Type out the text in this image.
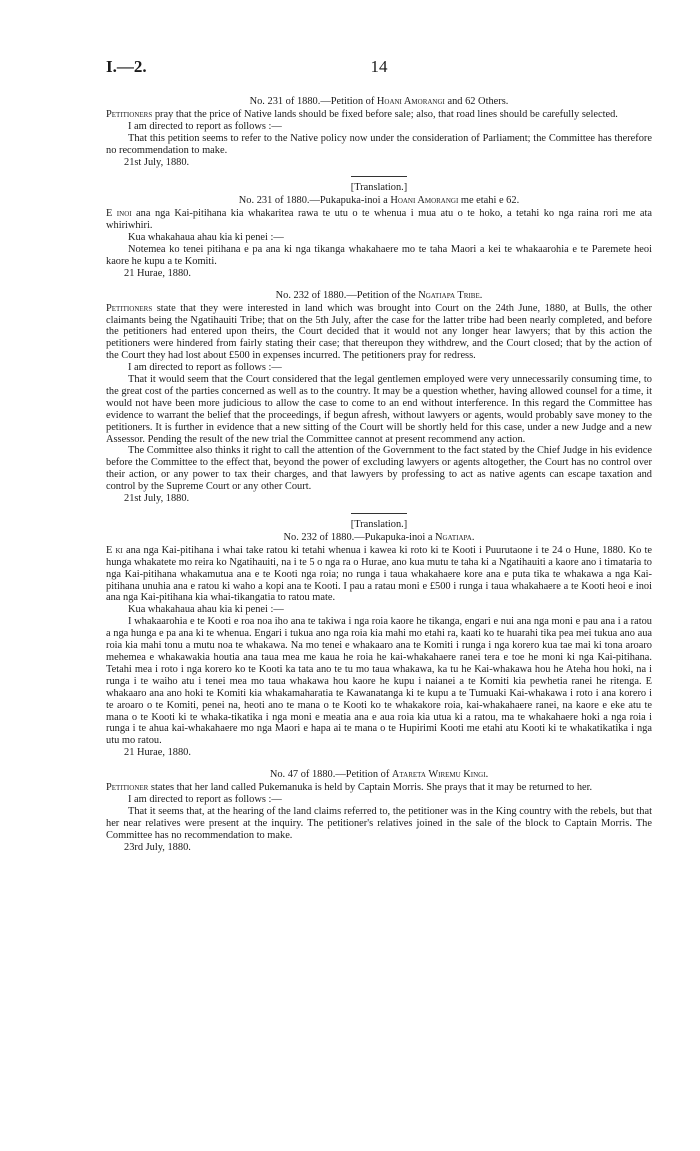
I.—2.	14
No. 231 of 1880.—Petition of Hoani Amorangi and 62 Others.

Petitioners pray that the price of Native lands should be fixed before sale; also, that road lines should be carefully selected.

I am directed to report as follows :—

That this petition seems to refer to the Native policy now under the consideration of Parliament; the Committee has therefore no recommendation to make.

21st July, 1880.

[Translation.]
No. 231 of 1880.—Pukapuka-inoi a Hoani Amorangi me etahi e 62.

E inoi ana nga Kai-pitihana kia whakaritea rawa te utu o te whenua i mua atu o te hoko, a tetahi ko nga raina rori me ata whiriwhiri.

Kua whakahaua ahau kia ki penei :—

Notemea ko tenei pitihana e pa ana ki nga tikanga whakahaere mo te taha Maori a kei te whakaarohia e te Paremete heoi kaore he kupu a te Komiti.

21 Hurae, 1880.

No. 232 of 1880.—Petition of the Ngatiapa Tribe.

Petitioners state that they were interested in land which was brought into Court on the 24th June, 1880, at Bulls, the other claimants being the Ngatihauiti Tribe; that on the 5th July, after the case for the latter tribe had been nearly completed, and before the petitioners had entered upon theirs, the Court decided that it would not any longer hear lawyers; that by this action the petitioners were hindered from fairly stating their case; that thereupon they withdrew, and the Court closed; that by the action of the Court they had lost about £500 in expenses incurred. The petitioners pray for redress.

I am directed to report as follows :—

That it would seem that the Court considered that the legal gentlemen employed were very unnecessarily consuming time, to the great cost of the parties concerned as well as to the country. It may be a question whether, having allowed counsel for a time, it would not have been more judicious to allow the case to come to an end without interference. In this regard the Committee has evidence to warrant the belief that the proceedings, if begun afresh, without lawyers or agents, would probably save money to the petitioners. It is further in evidence that a new sitting of the Court will be shortly held for this case, under a new Judge and a new Assessor. Pending the result of the new trial the Committee cannot at present recommend any action.

The Committee also thinks it right to call the attention of the Government to the fact stated by the Chief Judge in his evidence before the Committee to the effect that, beyond the power of excluding lawyers or agents altogether, the Court has no control over their action, or any power to tax their charges, and that lawyers by professing to act as native agents can escape taxation and control by the Supreme Court or any other Court.

21st July, 1880.

[Translation.]
No. 232 of 1880.—Pukapuka-inoi a Ngatiapa.

E ki ana nga Kai-pitihana i whai take ratou ki tetahi whenua i kawea ki roto ki te Kooti i Puurutaone i te 24 o Hune, 1880. Ko te hunga whakatete mo reira ko Ngatihauiti, na i te 5 o nga ra o Hurae, ano kua mutu te taha ki a Ngatihauiti a kaore ano i timataria to nga Kai-pitihana whakamutua ana e te Kooti nga roia; no runga i taua whakahaere kore ana e puta tika te whakawa a nga Kai-pitihana unuhia ana e ratou ki waho a kopi ana te Kooti. I pau a ratau moni e £500 i runga i taua whakahaere a te Kooti heoi e inoi ana nga Kai-pitihana kia whai-tikangatia to ratou mate.

Kua whakahaua ahau kia ki penei :—

I whakaarohia e te Kooti e roa noa iho ana te takiwa i nga roia kaore he tikanga, engari e nui ana nga moni e pau ana i a ratou a nga hunga e pa ana ki te whenua. Engari i tukua ano nga roia kia mahi mo etahi ra, kaati ko te huarahi tika pea mei tukua ano aua roia kia mahi tonu a mutu noa te whakawa. Na mo tenei e whakaaro ana te Komiti i runga i nga korero kua tae mai ki tona aroaro mehemea e whakawakia houtia ana taua mea me kaua he roia he kai-whakahaere ranei tera e toe he moni ki nga Kai-pitihana. Tetahi mea i roto i nga korero ko te Kooti ka tata ano te tu mo taua whakawa, ka tu he Kai-whakawa hou he Ateha hou hoki, na i runga i te waiho atu i tenei mea mo taua whakawa hou kaore he kupu i naianei a te Komiti kia pewhetia ranei he ritenga. E whakaaro ana ano hoki te Komiti kia whakamaharatia te Kawanatanga ki te kupu a te Tumuaki Kai-whakawa i roto i ana korero i te aroaro o te Komiti, penei na, heoti ano te mana o te Kooti ko te whakakore roia, kai-whakahaere ranei, na kaore e eke atu te mana o te Kooti ki te whaka-tikatika i nga moni e meatia ana e aua roia kia utua ki a ratou, ma te whakahaere hoki a nga roia i runga i te ahua kai-whakahaere mo nga Maori e hapa ai te mana o te Hupirimi Kooti me etahi atu Kooti ki te whakatikatika i nga utu mo ratou.

21 Hurae, 1880.

No. 47 of 1880.—Petition of Atareta Wiremu Kingi.

Petitioner states that her land called Pukemanuka is held by Captain Morris. She prays that it may be returned to her.

I am directed to report as follows :—

That it seems that, at the hearing of the land claims referred to, the petitioner was in the King country with the rebels, but that her near relatives were present at the inquiry. The petitioner's relatives joined in the sale of the block to Captain Morris. The Committee has no recommendation to make.

23rd July, 1880.
